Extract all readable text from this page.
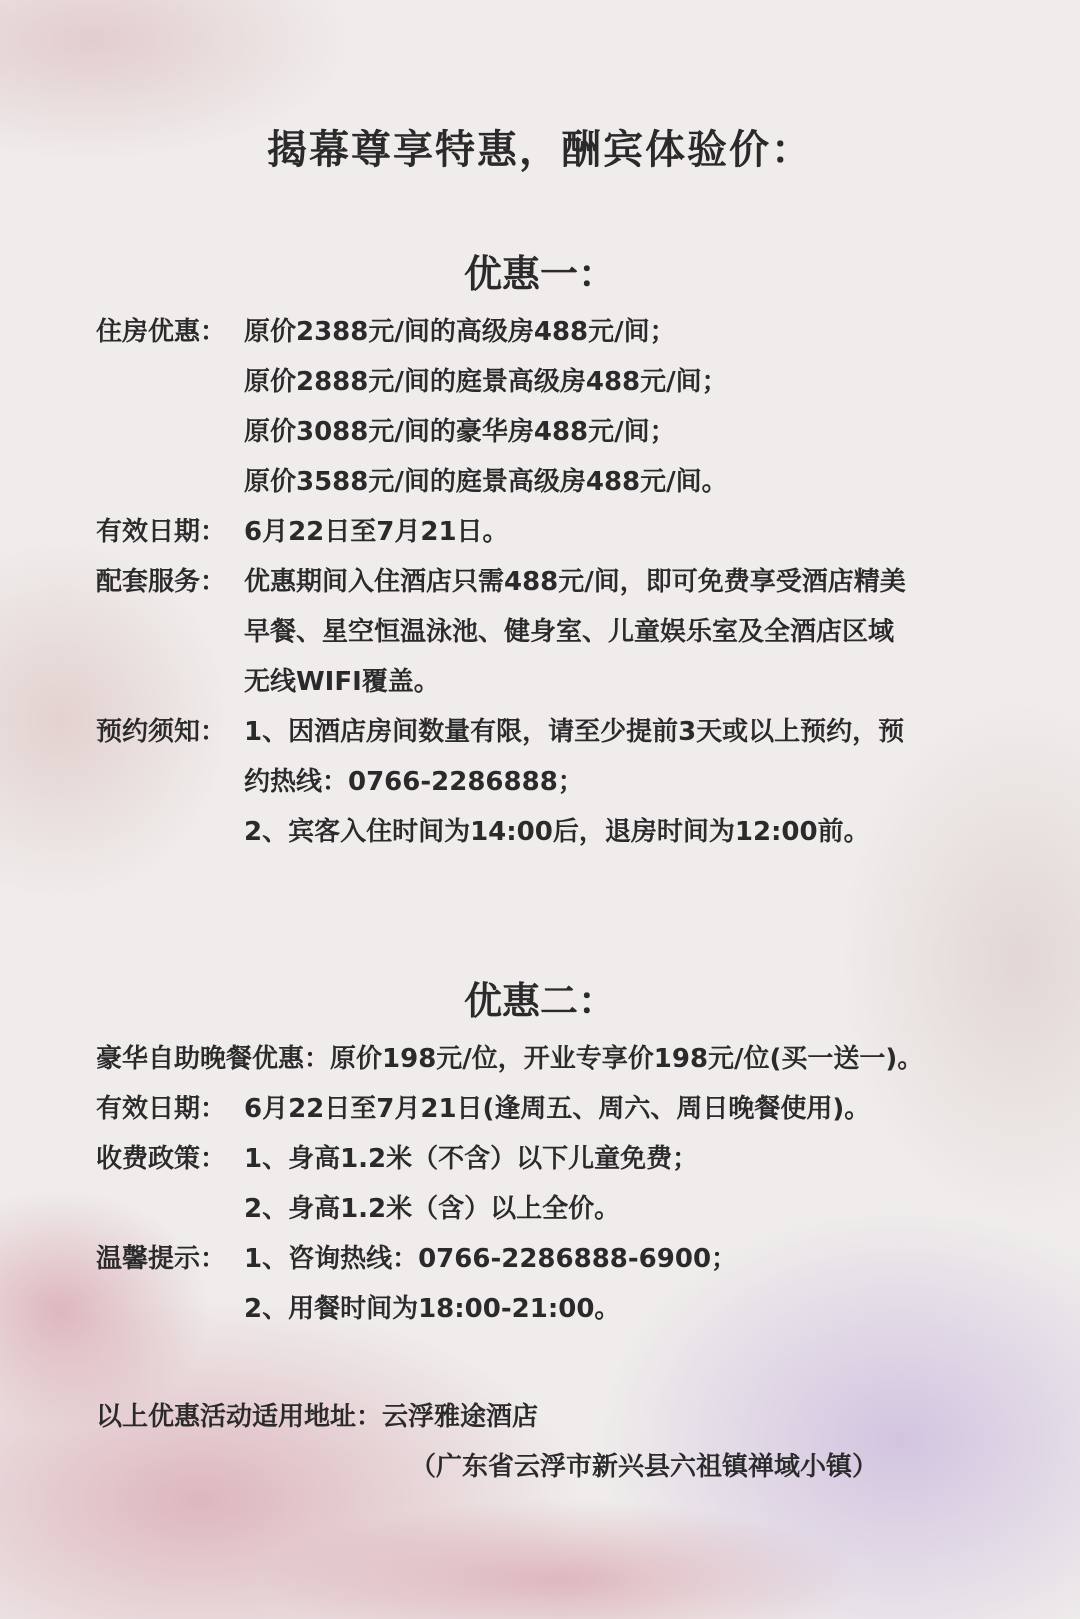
揭幕尊享特惠，酬宾体验价：
优惠一：
住房优惠： 原价2388元/间的高级房488元/间；
原价2888元/间的庭景高级房488元/间；
原价3088元/间的豪华房488元/间；
原价3588元/间的庭景高级房488元/间。
有效日期： 6月22日至7月21日。
配套服务： 优惠期间入住酒店只需488元/间，即可免费享受酒店精美
早餐、星空恒温泳池、健身室、儿童娱乐室及全酒店区域
无线WIFI覆盖。
预约须知： 1、因酒店房间数量有限，请至少提前3天或以上预约，预
约热线：0766-2286888；
2、宾客入住时间为14:00后，退房时间为12:00前。
优惠二：
豪华自助晚餐优惠： 原价198元/位，开业专享价198元/位(买一送一)。
有效日期： 6月22日至7月21日(逢周五、周六、周日晚餐使用)。
收费政策： 1、身高1.2米（不含）以下儿童免费；
2、身高1.2米（含）以上全价。
温馨提示： 1、咨询热线：0766-2286888-6900；
2、用餐时间为18:00-21:00。
以上优惠活动适用地址： 云浮雅途酒店
（广东省云浮市新兴县六祖镇禅域小镇）
